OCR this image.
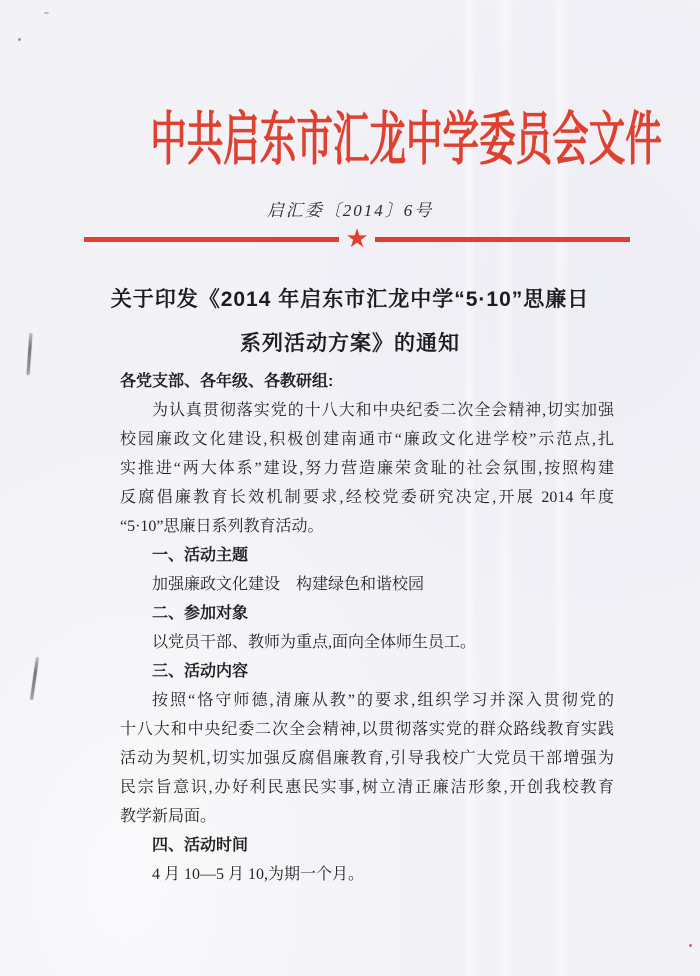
中共启东市汇龙中学委员会文件
启汇委〔2014〕6号
★
关于印发《2014 年启东市汇龙中学“5·10”思廉日
系列活动方案》的通知
各党支部、各年级、各教研组:
为认真贯彻落实党的十八大和中央纪委二次全会精神,切实加强
校园廉政文化建设,积极创建南通市“廉政文化进学校”示范点,扎
实推进“两大体系”建设,努力营造廉荣贪耻的社会氛围,按照构建
反腐倡廉教育长效机制要求,经校党委研究决定,开展 2014 年度
“5·10”思廉日系列教育活动。
一、活动主题
加强廉政文化建设　构建绿色和谐校园
二、参加对象
以党员干部、教师为重点,面向全体师生员工。
三、活动内容
按照“恪守师德,清廉从教”的要求,组织学习并深入贯彻党的
十八大和中央纪委二次全会精神,以贯彻落实党的群众路线教育实践
活动为契机,切实加强反腐倡廉教育,引导我校广大党员干部增强为
民宗旨意识,办好利民惠民实事,树立清正廉洁形象,开创我校教育
教学新局面。
四、活动时间
4 月 10—5 月 10,为期一个月。
